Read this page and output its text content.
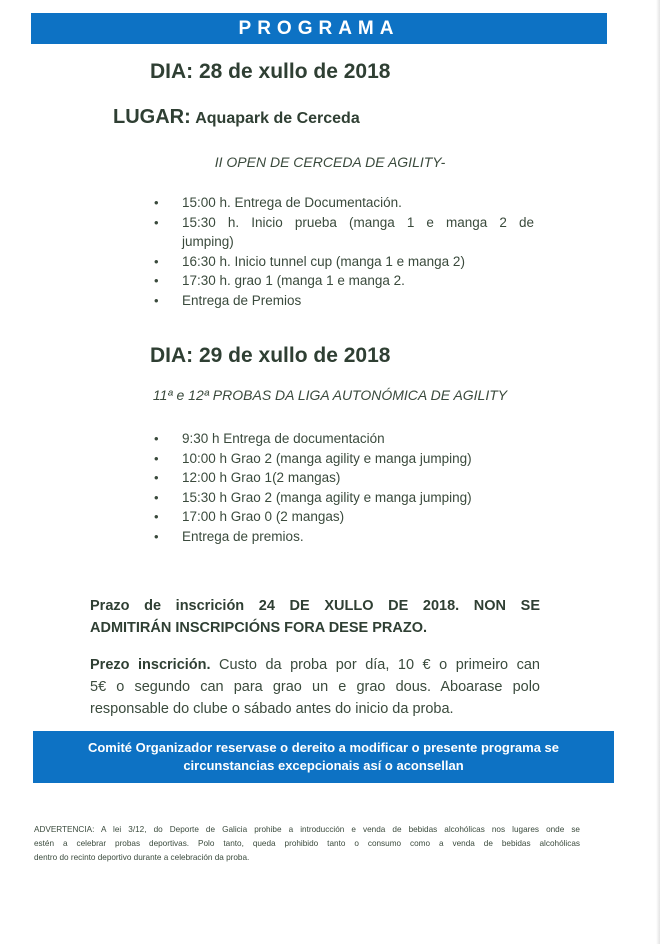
PROGRAMA
DIA: 28 de xullo de 2018
LUGAR: Aquapark de Cerceda
II OPEN DE CERCEDA DE AGILITY-
• 15:00 h. Entrega de Documentación.
• 15:30 h. Inicio prueba (manga 1 e manga 2 de
jumping)
• 16:30 h. Inicio tunnel cup (manga 1 e manga 2)
• 17:30 h. grao 1 (manga 1 e manga 2.
• Entrega de Premios
DIA: 29 de xullo de 2018
11ª e 12ª PROBAS DA LIGA AUTONÓMICA DE AGILITY
• 9:30 h Entrega de documentación
• 10:00 h Grao 2 (manga agility e manga jumping)
• 12:00 h Grao 1(2 mangas)
• 15:30 h Grao 2 (manga agility e manga jumping)
• 17:00 h Grao 0 (2 mangas)
• Entrega de premios.
Prazo de inscrición 24 DE XULLO DE 2018. NON SE
ADMITIRÁN INSCRIPCIÓNS FORA DESE PRAZO.
Prezo inscrición. Custo da proba por día, 10 € o primeiro can
5€ o segundo can para grao un e grao dous. Aboarase polo
responsable do clube o sábado antes do inicio da proba.
Comité Organizador reservase o dereito a modificar o presente programa se
circunstancias excepcionais así o aconsellan
ADVERTENCIA: A lei 3/12, do Deporte de Galicia prohibe a introducción e venda de bebidas alcohólicas nos lugares onde se
estén a celebrar probas deportivas. Polo tanto, queda prohibido tanto o consumo como a venda de bebidas alcohólicas
dentro do recinto deportivo durante a celebración da proba.
